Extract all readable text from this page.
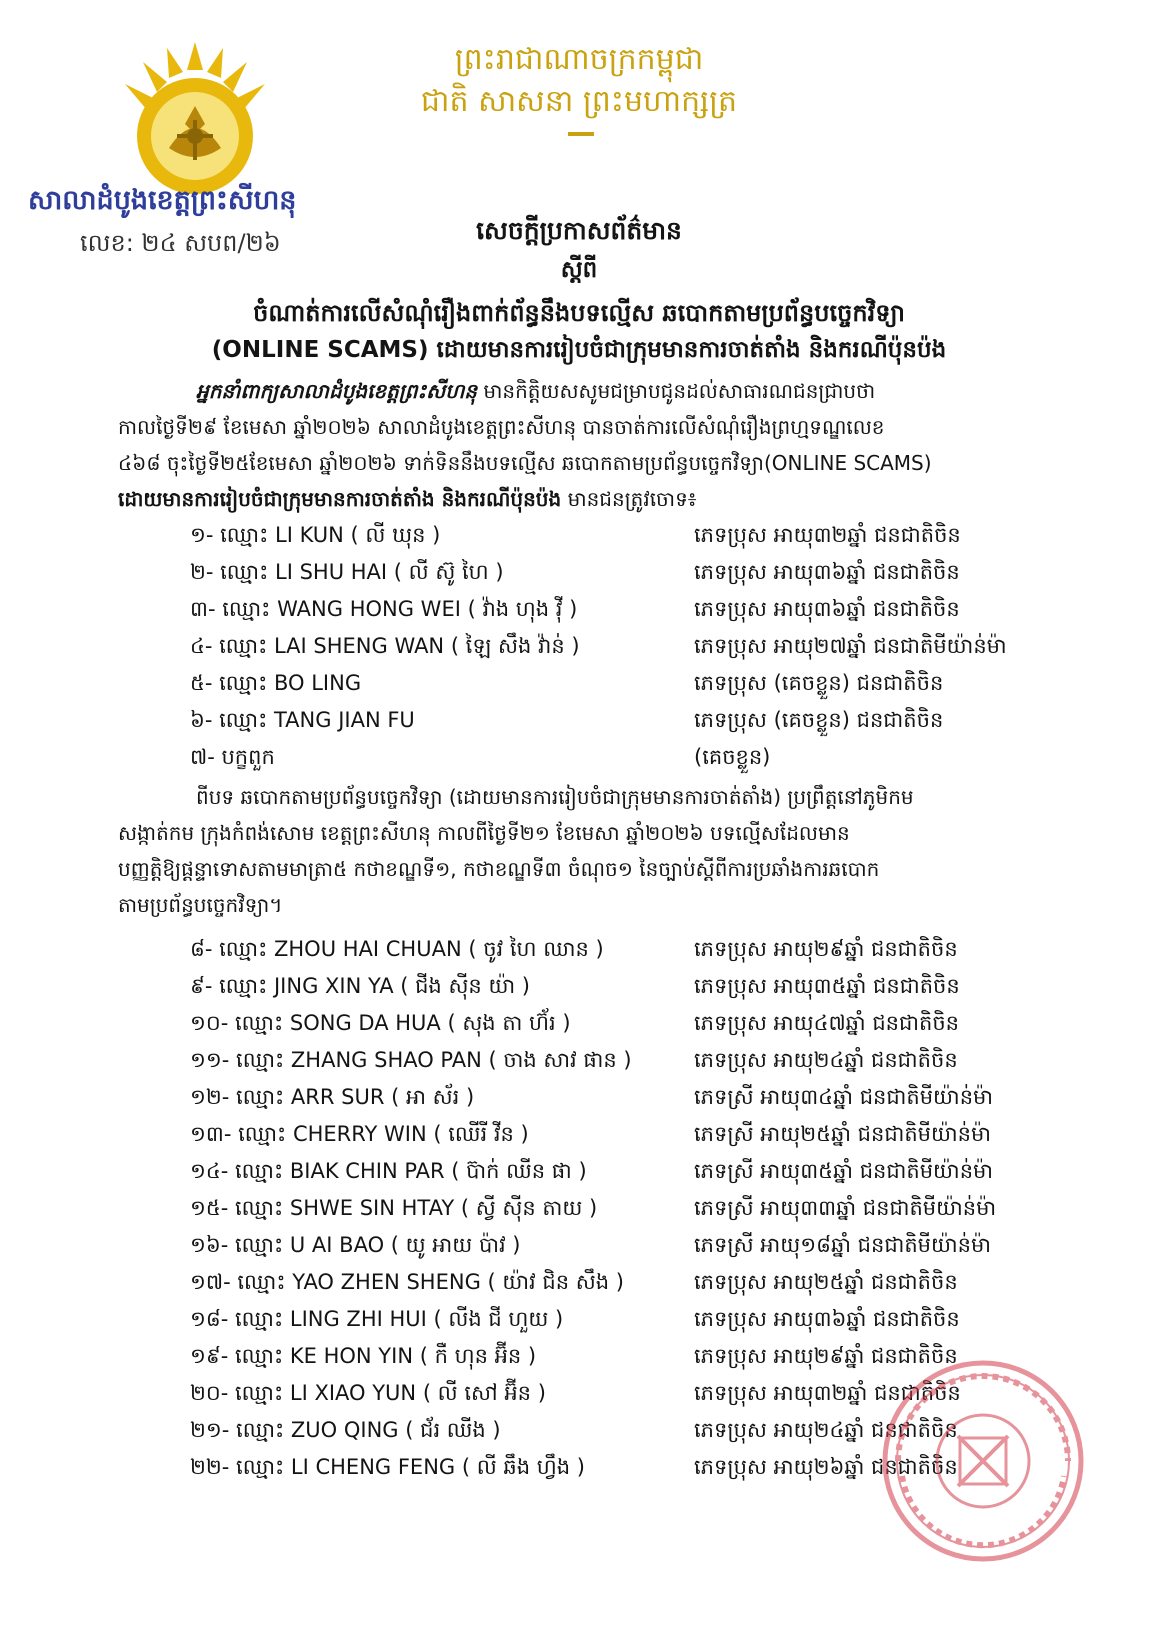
ព្រះរាជាណាចក្រកម្ពុជា
ជាតិ សាសនា ព្រះមហាក្សត្រ
សាលាដំបូងខេត្តព្រះសីហនុ
លេខ: ២៤ សបព/២៦	សេចក្ដីប្រកាសព័ត៌មាន
ស្ដីពី
ចំណាត់ការលើសំណុំរឿងពាក់ព័ន្ធនឹងបទល្មើស ឆបោកតាមប្រព័ន្ធបច្ចេកវិទ្យា
(ONLINE SCAMS) ដោយមានការរៀបចំជាក្រុមមានការចាត់តាំង និងករណីប៉ុនប៉ង
អ្នកនាំពាក្យសាលាដំបូងខេត្តព្រះសីហនុ មានកិត្តិយសសូមជម្រាបជូនដល់សាធារណជនជ្រាបថា
កាលថ្ងៃទី២៩ ខែមេសា ឆ្នាំ២០២៦ សាលាដំបូងខេត្តព្រះសីហនុ បានចាត់ការលើសំណុំរឿងព្រហ្មទណ្ឌលេខ
៤៦៨ ចុះថ្ងៃទី២៥ខែមេសា ឆ្នាំ២០២៦ ទាក់ទិននឹងបទល្មើស ឆបោកតាមប្រព័ន្ធបច្ចេកវិទ្យា(ONLINE SCAMS)
ដោយមានការរៀបចំជាក្រុមមានការចាត់តាំង និងករណីប៉ុនប៉ង មានជនត្រូវចោទ៖
១- ឈ្មោះ LI KUN ( លី ឃុន )	ភេទប្រុស អាយុ៣២ឆ្នាំ ជនជាតិចិន
២- ឈ្មោះ LI SHU HAI ( លី ស៊ូ ហៃ )	ភេទប្រុស អាយុ៣៦ឆ្នាំ ជនជាតិចិន
៣- ឈ្មោះ WANG HONG WEI ( វ៉ាង ហុង វ៉ី )	ភេទប្រុស អាយុ៣៦ឆ្នាំ ជនជាតិចិន
៤- ឈ្មោះ LAI SHENG WAN ( ឡៃ សឹង វ៉ាន់ )	ភេទប្រុស អាយុ២៧ឆ្នាំ ជនជាតិមីយ៉ាន់ម៉ា
៥- ឈ្មោះ BO LING	ភេទប្រុស (គេចខ្លួន) ជនជាតិចិន
៦- ឈ្មោះ TANG JIAN FU	ភេទប្រុស (គេចខ្លួន) ជនជាតិចិន
៧- បក្ខពួក	(គេចខ្លួន)
ពីបទ ឆបោកតាមប្រព័ន្ធបច្ចេកវិទ្យា (ដោយមានការរៀបចំជាក្រុមមានការចាត់តាំង) ប្រព្រឹត្តនៅភូមិកម
សង្កាត់កម ក្រុងកំពង់សោម ខេត្តព្រះសីហនុ កាលពីថ្ងៃទី២១ ខែមេសា ឆ្នាំ២០២៦ បទល្មើសដែលមាន
បញ្ញត្តិឱ្យផ្ដន្ទាទោសតាមមាត្រា៥ កថាខណ្ឌទី១, កថាខណ្ឌទី៣ ចំណុច១ នៃច្បាប់ស្ដីពីការប្រឆាំងការឆបោក
តាមប្រព័ន្ធបច្ចេកវិទ្យា។
៨- ឈ្មោះ ZHOU HAI CHUAN ( ចូវ ហៃ ឈាន )	ភេទប្រុស អាយុ២៩ឆ្នាំ ជនជាតិចិន
៩- ឈ្មោះ JING XIN YA ( ជីង ស៊ីន យ៉ា )	ភេទប្រុស អាយុ៣៥ឆ្នាំ ជនជាតិចិន
១០- ឈ្មោះ SONG DA HUA ( សុង តា ហ៊័រ )	ភេទប្រុស អាយុ៤៧ឆ្នាំ ជនជាតិចិន
១១- ឈ្មោះ ZHANG SHAO PAN ( ចាង សាវ ផាន )	ភេទប្រុស អាយុ២៤ឆ្នាំ ជនជាតិចិន
១២- ឈ្មោះ ARR SUR ( អា ស័រ )	ភេទស្រី អាយុ៣៤ឆ្នាំ ជនជាតិមីយ៉ាន់ម៉ា
១៣- ឈ្មោះ CHERRY WIN ( ឈើរី វីន )	ភេទស្រី អាយុ២៥ឆ្នាំ ជនជាតិមីយ៉ាន់ម៉ា
១៤- ឈ្មោះ BIAK CHIN PAR ( ប៊ាក់ ឈីន ផា )	ភេទស្រី អាយុ៣៥ឆ្នាំ ជនជាតិមីយ៉ាន់ម៉ា
១៥- ឈ្មោះ SHWE SIN HTAY ( ស្វី ស៊ីន តាយ )	ភេទស្រី អាយុ៣៣ឆ្នាំ ជនជាតិមីយ៉ាន់ម៉ា
១៦- ឈ្មោះ U AI BAO ( យូ អាយ ប៉ាវ )	ភេទស្រី អាយុ១៨ឆ្នាំ ជនជាតិមីយ៉ាន់ម៉ា
១៧- ឈ្មោះ YAO ZHEN SHENG ( យ៉ាវ ជិន សឹង )	ភេទប្រុស អាយុ២៥ឆ្នាំ ជនជាតិចិន
១៨- ឈ្មោះ LING ZHI HUI ( លីង ជី ហួយ )	ភេទប្រុស អាយុ៣៦ឆ្នាំ ជនជាតិចិន
១៩- ឈ្មោះ KE HON YIN ( កឺ ហុន អ៊ីន )	ភេទប្រុស អាយុ២៩ឆ្នាំ ជនជាតិចិន
២០- ឈ្មោះ LI XIAO YUN ( លី សៅ អ៊ីន )	ភេទប្រុស អាយុ៣២ឆ្នាំ ជនជាតិចិន
២១- ឈ្មោះ ZUO QING ( ជ័រ ឈីង )	ភេទប្រុស អាយុ២៤ឆ្នាំ ជនជាតិចិន
២២- ឈ្មោះ LI CHENG FENG ( លី ឆឹង ហ្វឹង )	ភេទប្រុស អាយុ២៦ឆ្នាំ ជនជាតិចិន
